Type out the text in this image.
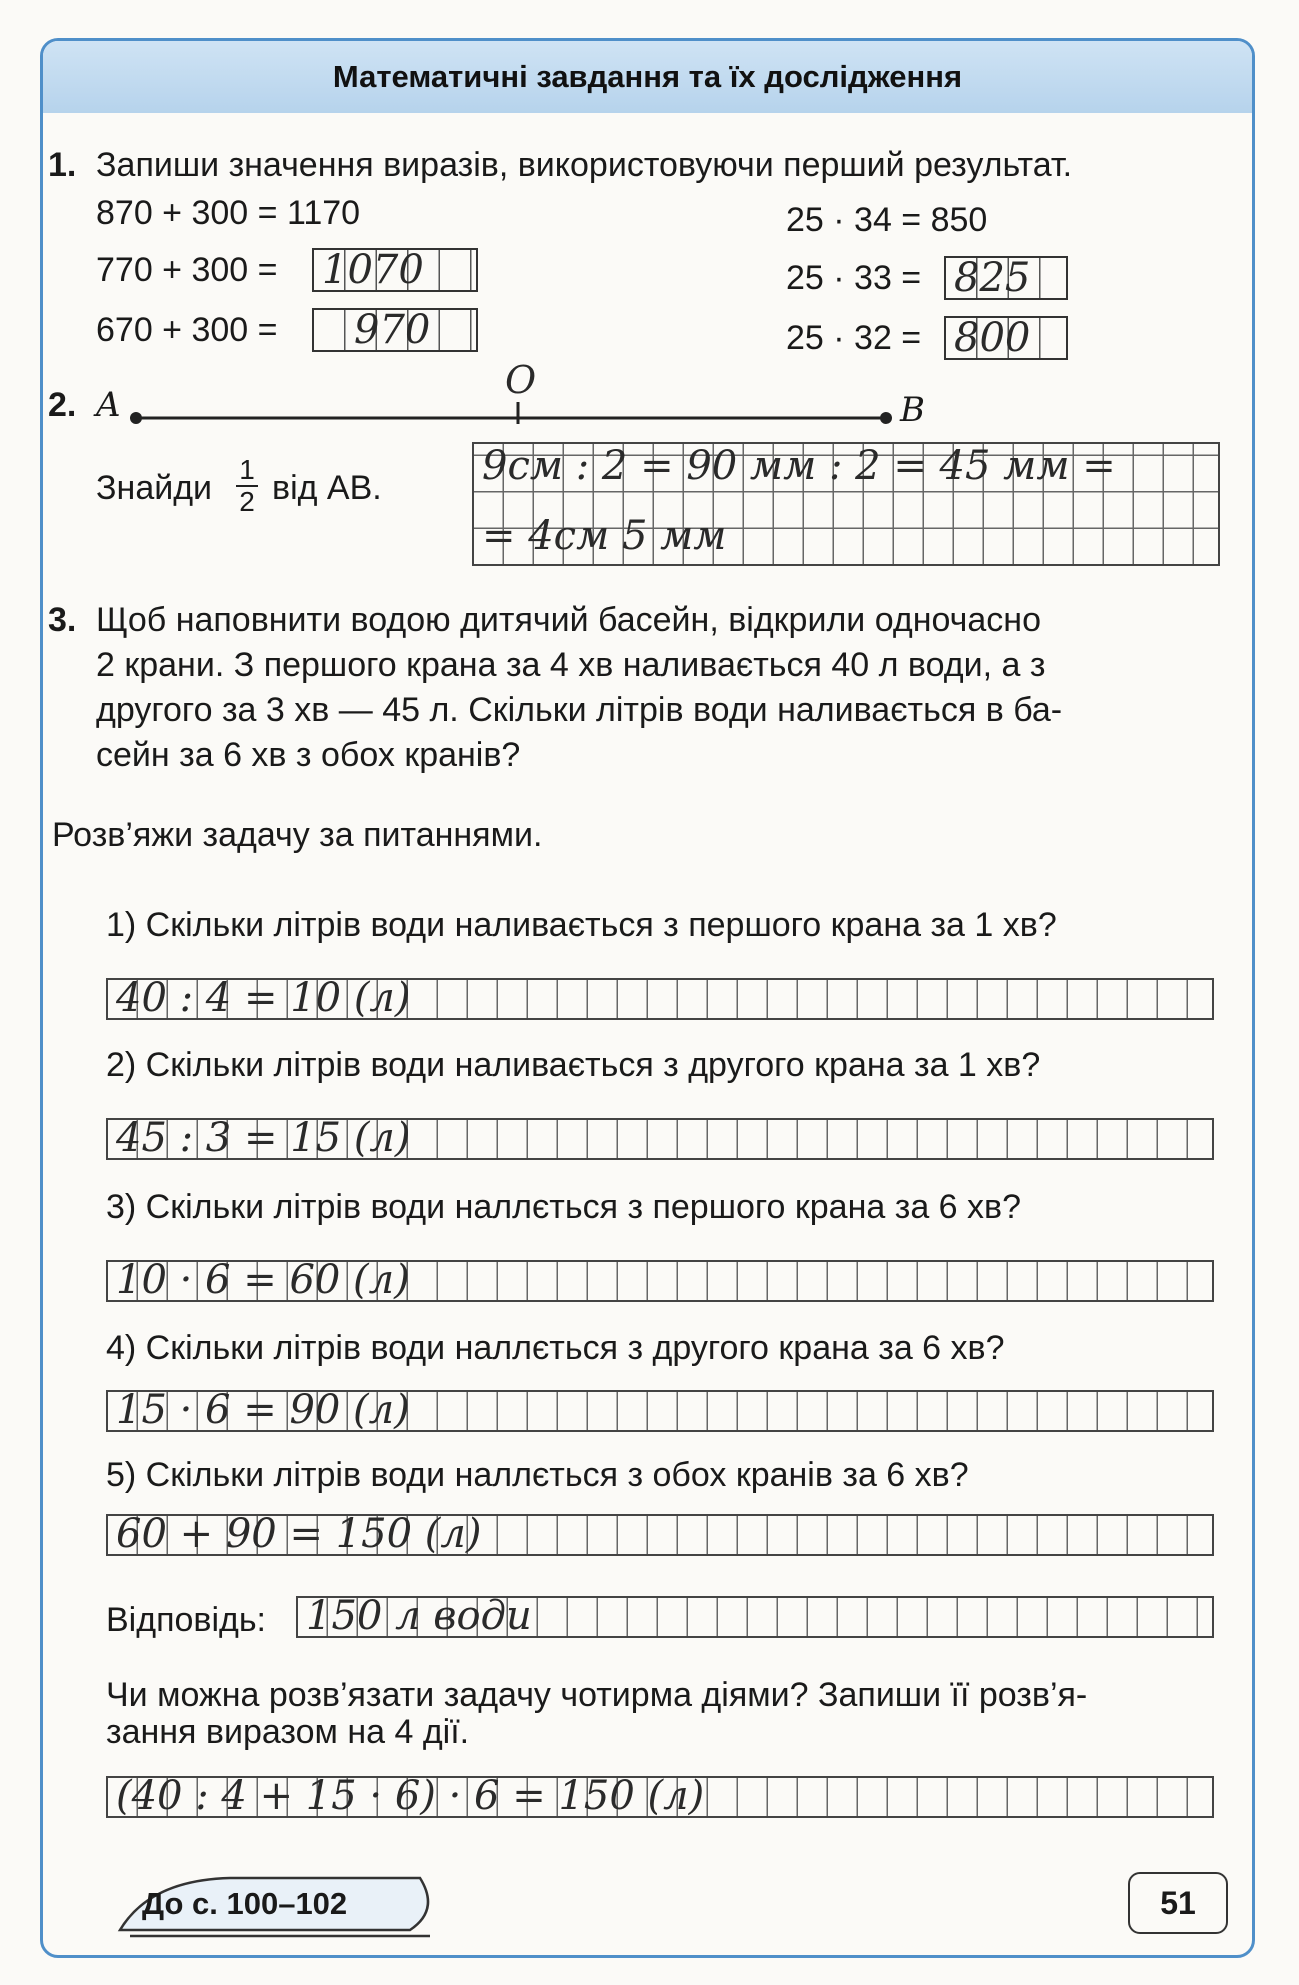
Математичні завдання та їх дослідження
1. Запиши значення виразів, використовуючи перший результат.
870 + 300 = 1170
770 + 300 = 1070
670 + 300 = 970
25 · 34 = 850
25 · 33 = 825
25 · 32 = 800
2. A
O
B
Знайди 1
2 від AB.	9см : 2 = 90 мм : 2 = 45 мм =
= 4см 5 мм
3. Щоб наповнити водою дитячий басейн, відкрили одночасно
2 крани. З першого крана за 4 хв наливається 40 л води, а з
другого за 3 хв — 45 л. Скільки літрів води наливається в ба-
сейн за 6 хв з обох кранів?
Розв’яжи задачу за питаннями.
1) Скільки літрів води наливається з першого крана за 1 хв?
40 : 4 = 10 (л)
2) Скільки літрів води наливається з другого крана за 1 хв?
45 : 3 = 15 (л)
3) Скільки літрів води наллється з першого крана за 6 хв?
10 · 6 = 60 (л)
4) Скільки літрів води наллється з другого крана за 6 хв?
15 · 6 = 90 (л)
5) Скільки літрів води наллється з обох кранів за 6 хв?
60 + 90 = 150 (л)
Відповідь: 150 л води
Чи можна розв’язати задачу чотирма діями? Запиши її розв’я-
зання виразом на 4 дії.
(40 : 4 + 15 · 6) · 6 = 150 (л)
До с. 100–102	51
